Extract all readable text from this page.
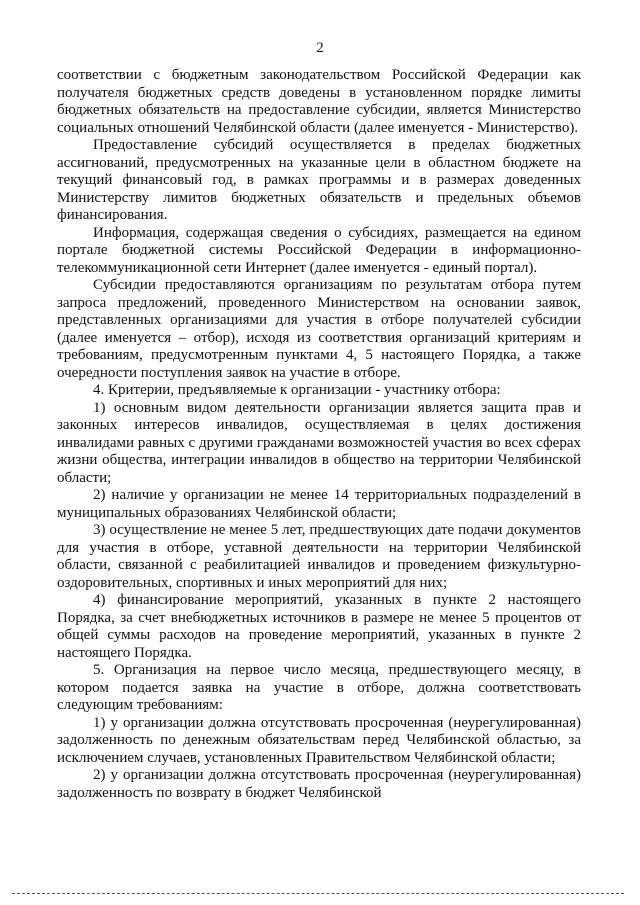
2

соответствии с бюджетным законодательством Российской Федерации как получателя бюджетных средств доведены в установленном порядке лимиты бюджетных обязательств на предоставление субсидии, является Министерство социальных отношений Челябинской области (далее именуется - Министерство).

Предоставление субсидий осуществляется в пределах бюджетных ассигнований, предусмотренных на указанные цели в областном бюджете на текущий финансовый год, в рамках программы и в размерах доведенных Министерству лимитов бюджетных обязательств и предельных объемов финансирования.

Информация, содержащая сведения о субсидиях, размещается на едином портале бюджетной системы Российской Федерации в информационно-телекоммуникационной сети Интернет (далее именуется - единый портал).

Субсидии предоставляются организациям по результатам отбора путем запроса предложений, проведенного Министерством на основании заявок, представленных организациями для участия в отборе получателей субсидии (далее именуется – отбор), исходя из соответствия организаций критериям и требованиям, предусмотренным пунктами 4, 5 настоящего Порядка, а также очередности поступления заявок на участие в отборе.

4. Критерии, предъявляемые к организации - участнику отбора:

1) основным видом деятельности организации является защита прав и законных интересов инвалидов, осуществляемая в целях достижения инвалидами равных с другими гражданами возможностей участия во всех сферах жизни общества, интеграции инвалидов в общество на территории Челябинской области;

2) наличие у организации не менее 14 территориальных подразделений в муниципальных образованиях Челябинской области;

3) осуществление не менее 5 лет, предшествующих дате подачи документов для участия в отборе, уставной деятельности на территории Челябинской области, связанной с реабилитацией инвалидов и проведением физкультурно-оздоровительных, спортивных и иных мероприятий для них;

4) финансирование мероприятий, указанных в пункте 2 настоящего Порядка, за счет внебюджетных источников в размере не менее 5 процентов от общей суммы расходов на проведение мероприятий, указанных в пункте 2 настоящего Порядка.

5. Организация на первое число месяца, предшествующего месяцу, в котором подается заявка на участие в отборе, должна соответствовать следующим требованиям:

1) у организации должна отсутствовать просроченная (неурегулированная) задолженность по денежным обязательствам перед Челябинской областью, за исключением случаев, установленных Правительством Челябинской области;

2) у организации должна отсутствовать просроченная (неурегулированная) задолженность по возврату в бюджет Челябинской
